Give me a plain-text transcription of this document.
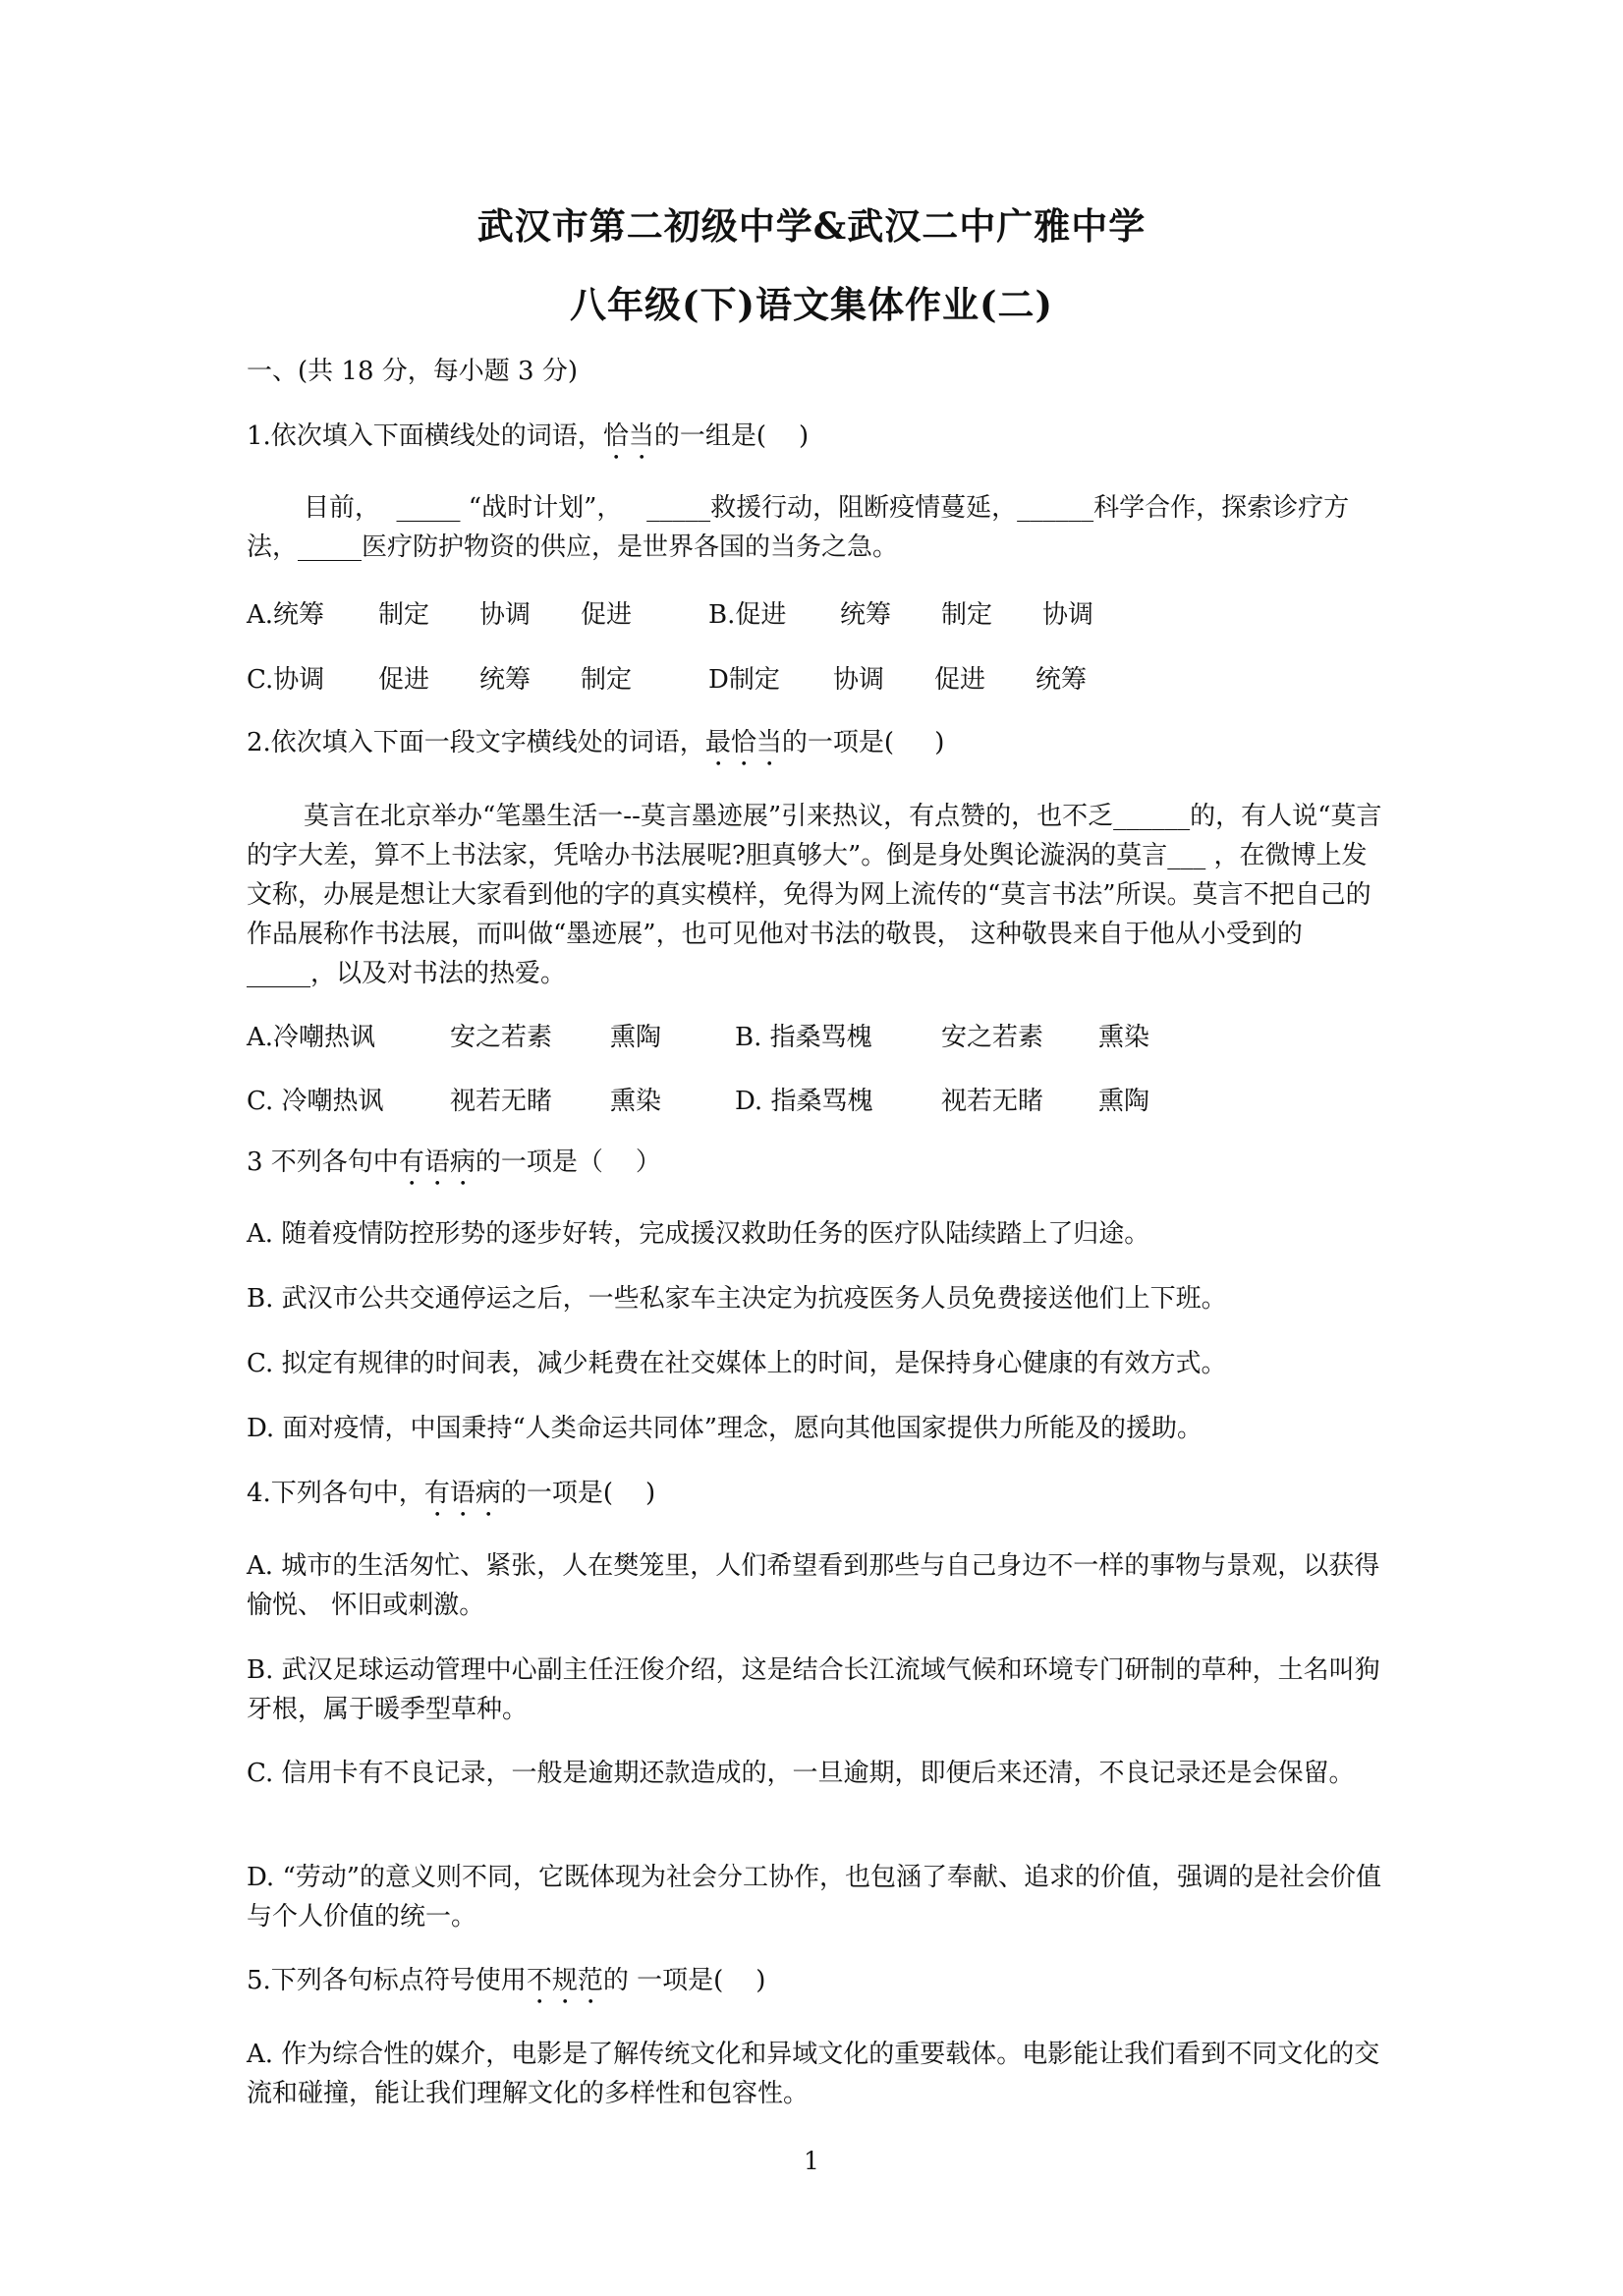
武汉市第二初级中学&武汉二中广雅中学
八年级(下)语文集体作业(二)

一、(共 18 分，每小题 3 分)

1.依次填入下面横线处的词语，恰当的一组是(    )

目前，  _____ “战时计划”，   _____救援行动，阻断疫情蔓延，______科学合作，探索诊疗方法，_____医疗防护物资的供应，是世界各国的当务之急。

A.统筹 制定 协调 促进	B.促进 统筹 制定 协调
C.协调 促进 统筹 制定	D制定 协调 促进 统筹

2.依次填入下面一段文字横线处的词语，最恰当的一项是(     )

莫言在北京举办“笔墨生活一--莫言墨迹展”引来热议，有点赞的，也不乏______的，有人说“莫言的字大差，算不上书法家，凭啥办书法展呢?胆真够大”。倒是身处舆论漩涡的莫言___ ，在微博上发文称，办展是想让大家看到他的字的真实模样，免得为网上流传的“莫言书法”所误。莫言不把自己的作品展称作书法展，而叫做“墨迹展”，也可见他对书法的敬畏， 这种敬畏来自于他从小受到的_____，以及对书法的热爱。

A.冷嘲热讽	安之若素 熏陶	B. 指桑骂槐	安之若素 熏染
C. 冷嘲热讽	视若无睹 熏染	D. 指桑骂槐	视若无睹 熏陶

3 不列各句中有语病的一项是（    ）

A. 随着疫情防控形势的逐步好转，完成援汉救助任务的医疗队陆续踏上了归途。

B. 武汉市公共交通停运之后，一些私家车主决定为抗疫医务人员免费接送他们上下班。

C. 拟定有规律的时间表，减少耗费在社交媒体上的时间，是保持身心健康的有效方式。

D. 面对疫情，中国秉持“人类命运共同体”理念，愿向其他国家提供力所能及的援助。

4.下列各句中，有语病的一项是(    )

A. 城市的生活匆忙、紧张，人在樊笼里，人们希望看到那些与自己身边不一样的事物与景观，以获得愉悦、 怀旧或刺激。

B. 武汉足球运动管理中心副主任汪俊介绍，这是结合长江流域气候和环境专门研制的草种，土名叫狗牙根，属于暖季型草种。

C. 信用卡有不良记录，一般是逾期还款造成的，一旦逾期，即便后来还清，不良记录还是会保留。

D. “劳动”的意义则不同，它既体现为社会分工协作，也包涵了奉献、追求的价值，强调的是社会价值与个人价值的统一。

5.下列各句标点符号使用不规范的 一项是(    )

A. 作为综合性的媒介，电影是了解传统文化和异域文化的重要载体。电影能让我们看到不同文化的交流和碰撞，能让我们理解文化的多样性和包容性。

1
